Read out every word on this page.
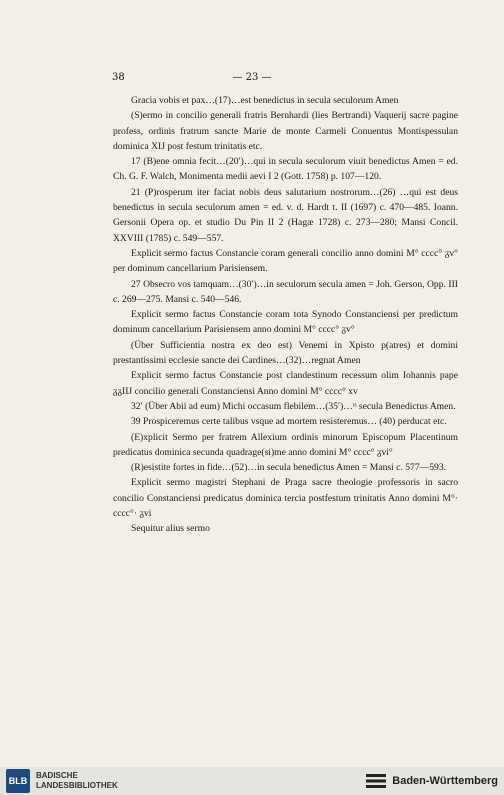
38	— 23 —

Gracia vobis et pax…(17)…est benedictus in secula seculorum Amen

(S)ermo in concilio generali fratris Bernhardi (lies Bertrandi) Vaquerij sacre pagine profess, ordinis fratrum sancte Marie de monte Carmeli Conuentus Montispessulan dominica XIJ post festum trinitatis etc.

17 (B)ene omnia fecit…(20′)…qui in secula seculorum viuit benedictus Amen = ed. Ch. G. F. Walch, Monimenta medii aevi I 2 (Gott. 1758) p. 107—120.

21 (P)rosperum iter faciat nobis deus salutarium nostrorum…(26) …qui est deus benedictus in secula seculorum amen = ed. v. d. Hardt t. II (1697) c. 470—485. Ioann. Gersonii Opera op. et studio Du Pin II 2 (Hagæ 1728) c. 273—280; Mansi Concil. XXVIII (1785) c. 549—557.

Explicit sermo factus Constancie coram generali concilio anno domini M° cccc° ᵹv° per dominum cancellarium Parisiensem.

27 Obsecro vos tamquam…(30′)…in seculorum secula amen = Joh. Gerson, Opp. III c. 269—275. Mansi c. 540—546.

Explicit sermo factus Constancie coram tota Synodo Constanciensi per predictum dominum cancellarium Parisiensem anno domini M° cccc° ᵹv°

(Über Sufficientia nostra ex deo est) Venemi in Xpisto p(atres) et domini prestantissimi ecclesie sancte dei Cardines…(32)…regnat Amen

Explicit sermo factus Constancie post clandestinum recessum olim Iohannis pape ᵹᵹIIJ concilio generali Constanciensi Anno domini M° cccc° xv

32′ (Über Abii ad eum) Michi occasum flebilem…(35′)…ᶦˢ secula Benedictus Amen.

39 Prospiceremus certe talibus vsque ad mortem resisteremus… (40) perducat etc.

(E)xplicit Sermo per fratrem Allexium ordinis minorum Episcopum Placentinum predicatus dominica secunda quadrage(si)me anno domini M° cccc° ᵹvi°

(R)esistite fortes in fide…(52)…in secula benedictus Amen = Mansi c. 577—593.

Explicit sermo magistri Stephani de Praga sacre theologie professoris in sacro concilio Constanciensi predicatus dominica tercia postfestum trinitatis Anno domini M°· cccc°· ᵹvi

Sequitur alius sermo

BLB
BADISCHE
LANDESBIBLIOTHEK	Baden-Württemberg
